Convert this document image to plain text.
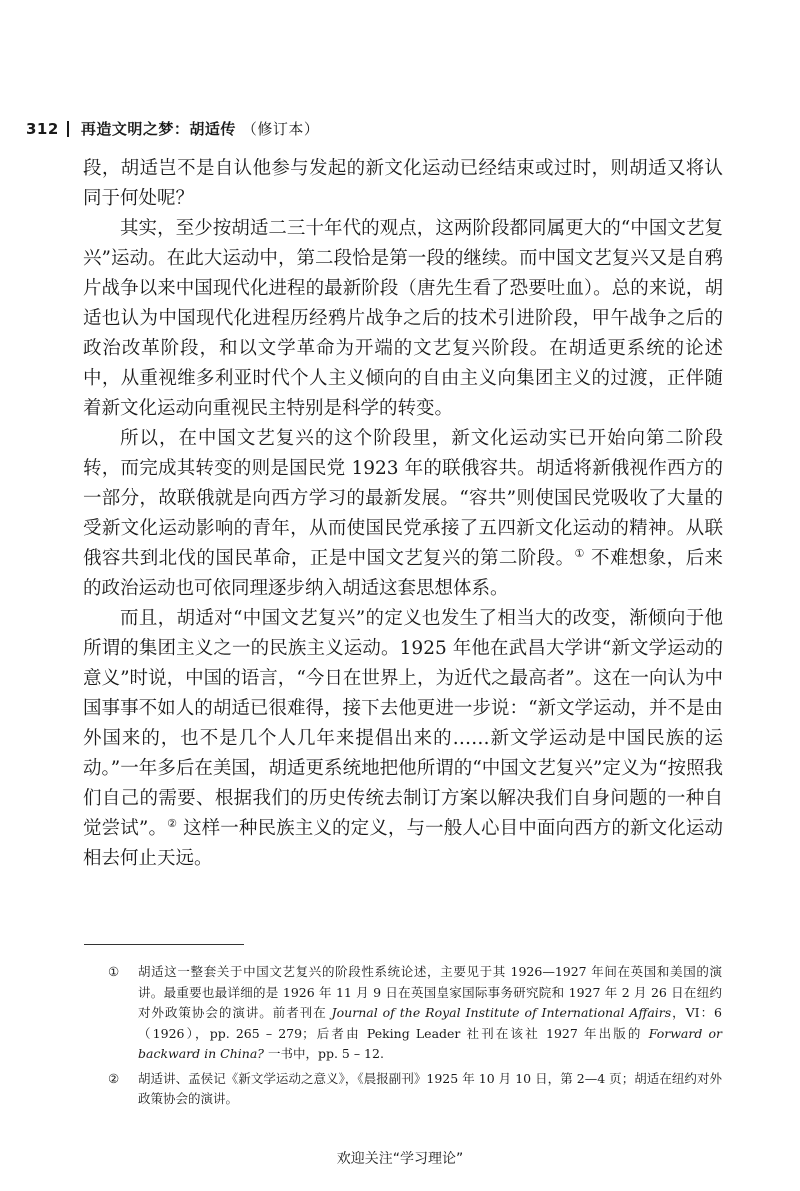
312 再造文明之梦：胡适传 （修订本）

段，胡适岂不是自认他参与发起的新文化运动已经结束或过时，则胡适又将认同于何处呢？

其实，至少按胡适二三十年代的观点，这两阶段都同属更大的“中国文艺复兴”运动。在此大运动中，第二段恰是第一段的继续。而中国文艺复兴又是自鸦片战争以来中国现代化进程的最新阶段（唐先生看了恐要吐血）。总的来说，胡适也认为中国现代化进程历经鸦片战争之后的技术引进阶段，甲午战争之后的政治改革阶段，和以文学革命为开端的文艺复兴阶段。在胡适更系统的论述中，从重视维多利亚时代个人主义倾向的自由主义向集团主义的过渡，正伴随着新文化运动向重视民主特别是科学的转变。

所以，在中国文艺复兴的这个阶段里，新文化运动实已开始向第二阶段转，而完成其转变的则是国民党 1923 年的联俄容共。胡适将新俄视作西方的一部分，故联俄就是向西方学习的最新发展。“容共”则使国民党吸收了大量的受新文化运动影响的青年，从而使国民党承接了五四新文化运动的精神。从联俄容共到北伐的国民革命，正是中国文艺复兴的第二阶段。① 不难想象，后来的政治运动也可依同理逐步纳入胡适这套思想体系。

而且，胡适对“中国文艺复兴”的定义也发生了相当大的改变，渐倾向于他所谓的集团主义之一的民族主义运动。1925 年他在武昌大学讲“新文学运动的意义”时说，中国的语言，“今日在世界上，为近代之最高者”。这在一向认为中国事事不如人的胡适已很难得，接下去他更进一步说：“新文学运动，并不是由外国来的，也不是几个人几年来提倡出来的……新文学运动是中国民族的运动。”一年多后在美国，胡适更系统地把他所谓的“中国文艺复兴”定义为“按照我们自己的需要、根据我们的历史传统去制订方案以解决我们自身问题的一种自觉尝试”。② 这样一种民族主义的定义，与一般人心目中面向西方的新文化运动相去何止天远。

①	胡适这一整套关于中国文艺复兴的阶段性系统论述，主要见于其 1926—1927 年间在英国和美国的演讲。最重要也最详细的是 1926 年 11 月 9 日在英国皇家国际事务研究院和 1927 年 2 月 26 日在纽约对外政策协会的演讲。前者刊在 Journal of the Royal Institute of International Affairs，VI：6（1926），pp. 265 – 279；后者由 Peking Leader 社刊在该社 1927 年出版的 Forward or backward in China? 一书中，pp. 5 – 12.
②	胡适讲、孟侯记《新文学运动之意义》，《晨报副刊》1925 年 10 月 10 日，第 2—4 页；胡适在纽约对外政策协会的演讲。
欢迎关注“学习理论”
